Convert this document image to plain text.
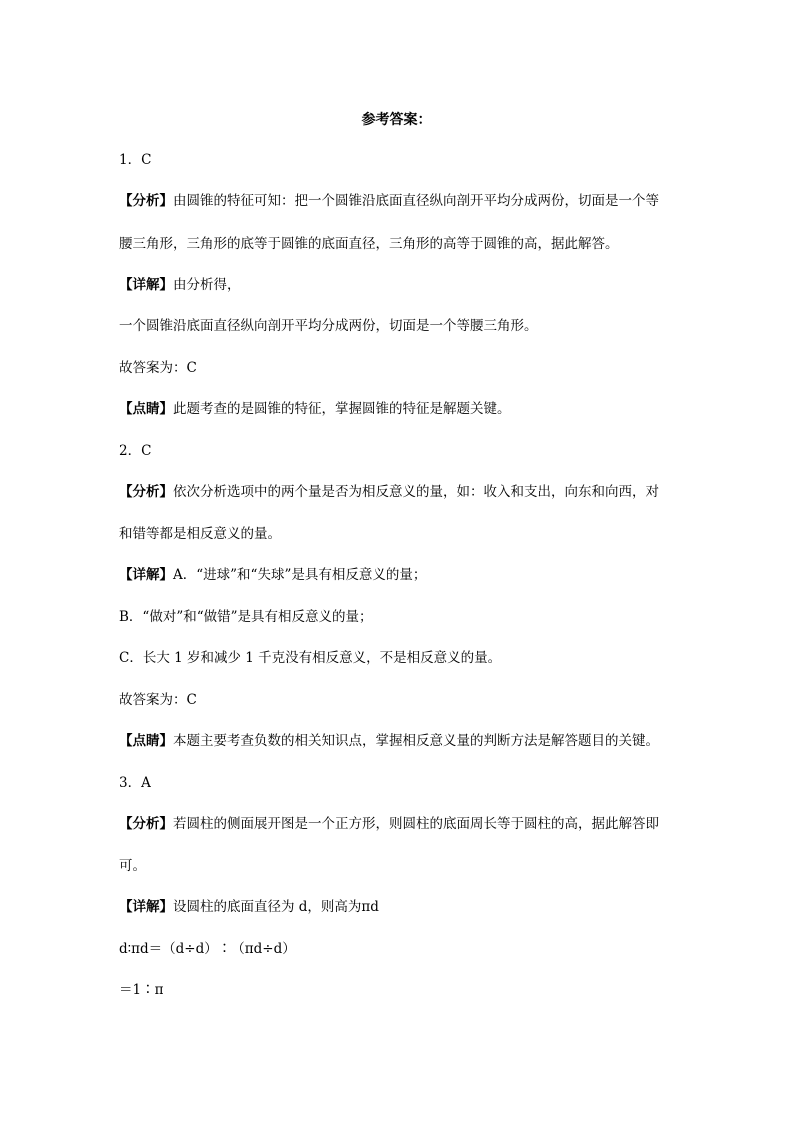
参考答案：
1．C
【分析】由圆锥的特征可知：把一个圆锥沿底面直径纵向剖开平均分成两份，切面是一个等
腰三角形，三角形的底等于圆锥的底面直径，三角形的高等于圆锥的高，据此解答。
【详解】由分析得，
一个圆锥沿底面直径纵向剖开平均分成两份，切面是一个等腰三角形。
故答案为：C
【点睛】此题考查的是圆锥的特征，掌握圆锥的特征是解题关键。
2．C
【分析】依次分析选项中的两个量是否为相反意义的量，如：收入和支出，向东和向西，对
和错等都是相反意义的量。
【详解】A．“进球”和“失球”是具有相反意义的量；
B．“做对”和“做错”是具有相反意义的量；
C．长大 1 岁和减少 1 千克没有相反意义，不是相反意义的量。
故答案为：C
【点睛】本题主要考查负数的相关知识点，掌握相反意义量的判断方法是解答题目的关键。
3．A
【分析】若圆柱的侧面展开图是一个正方形，则圆柱的底面周长等于圆柱的高，据此解答即
可。
【详解】设圆柱的底面直径为 d，则高为πd
d∶πd＝（d÷d）∶（πd÷d）
＝1∶π
